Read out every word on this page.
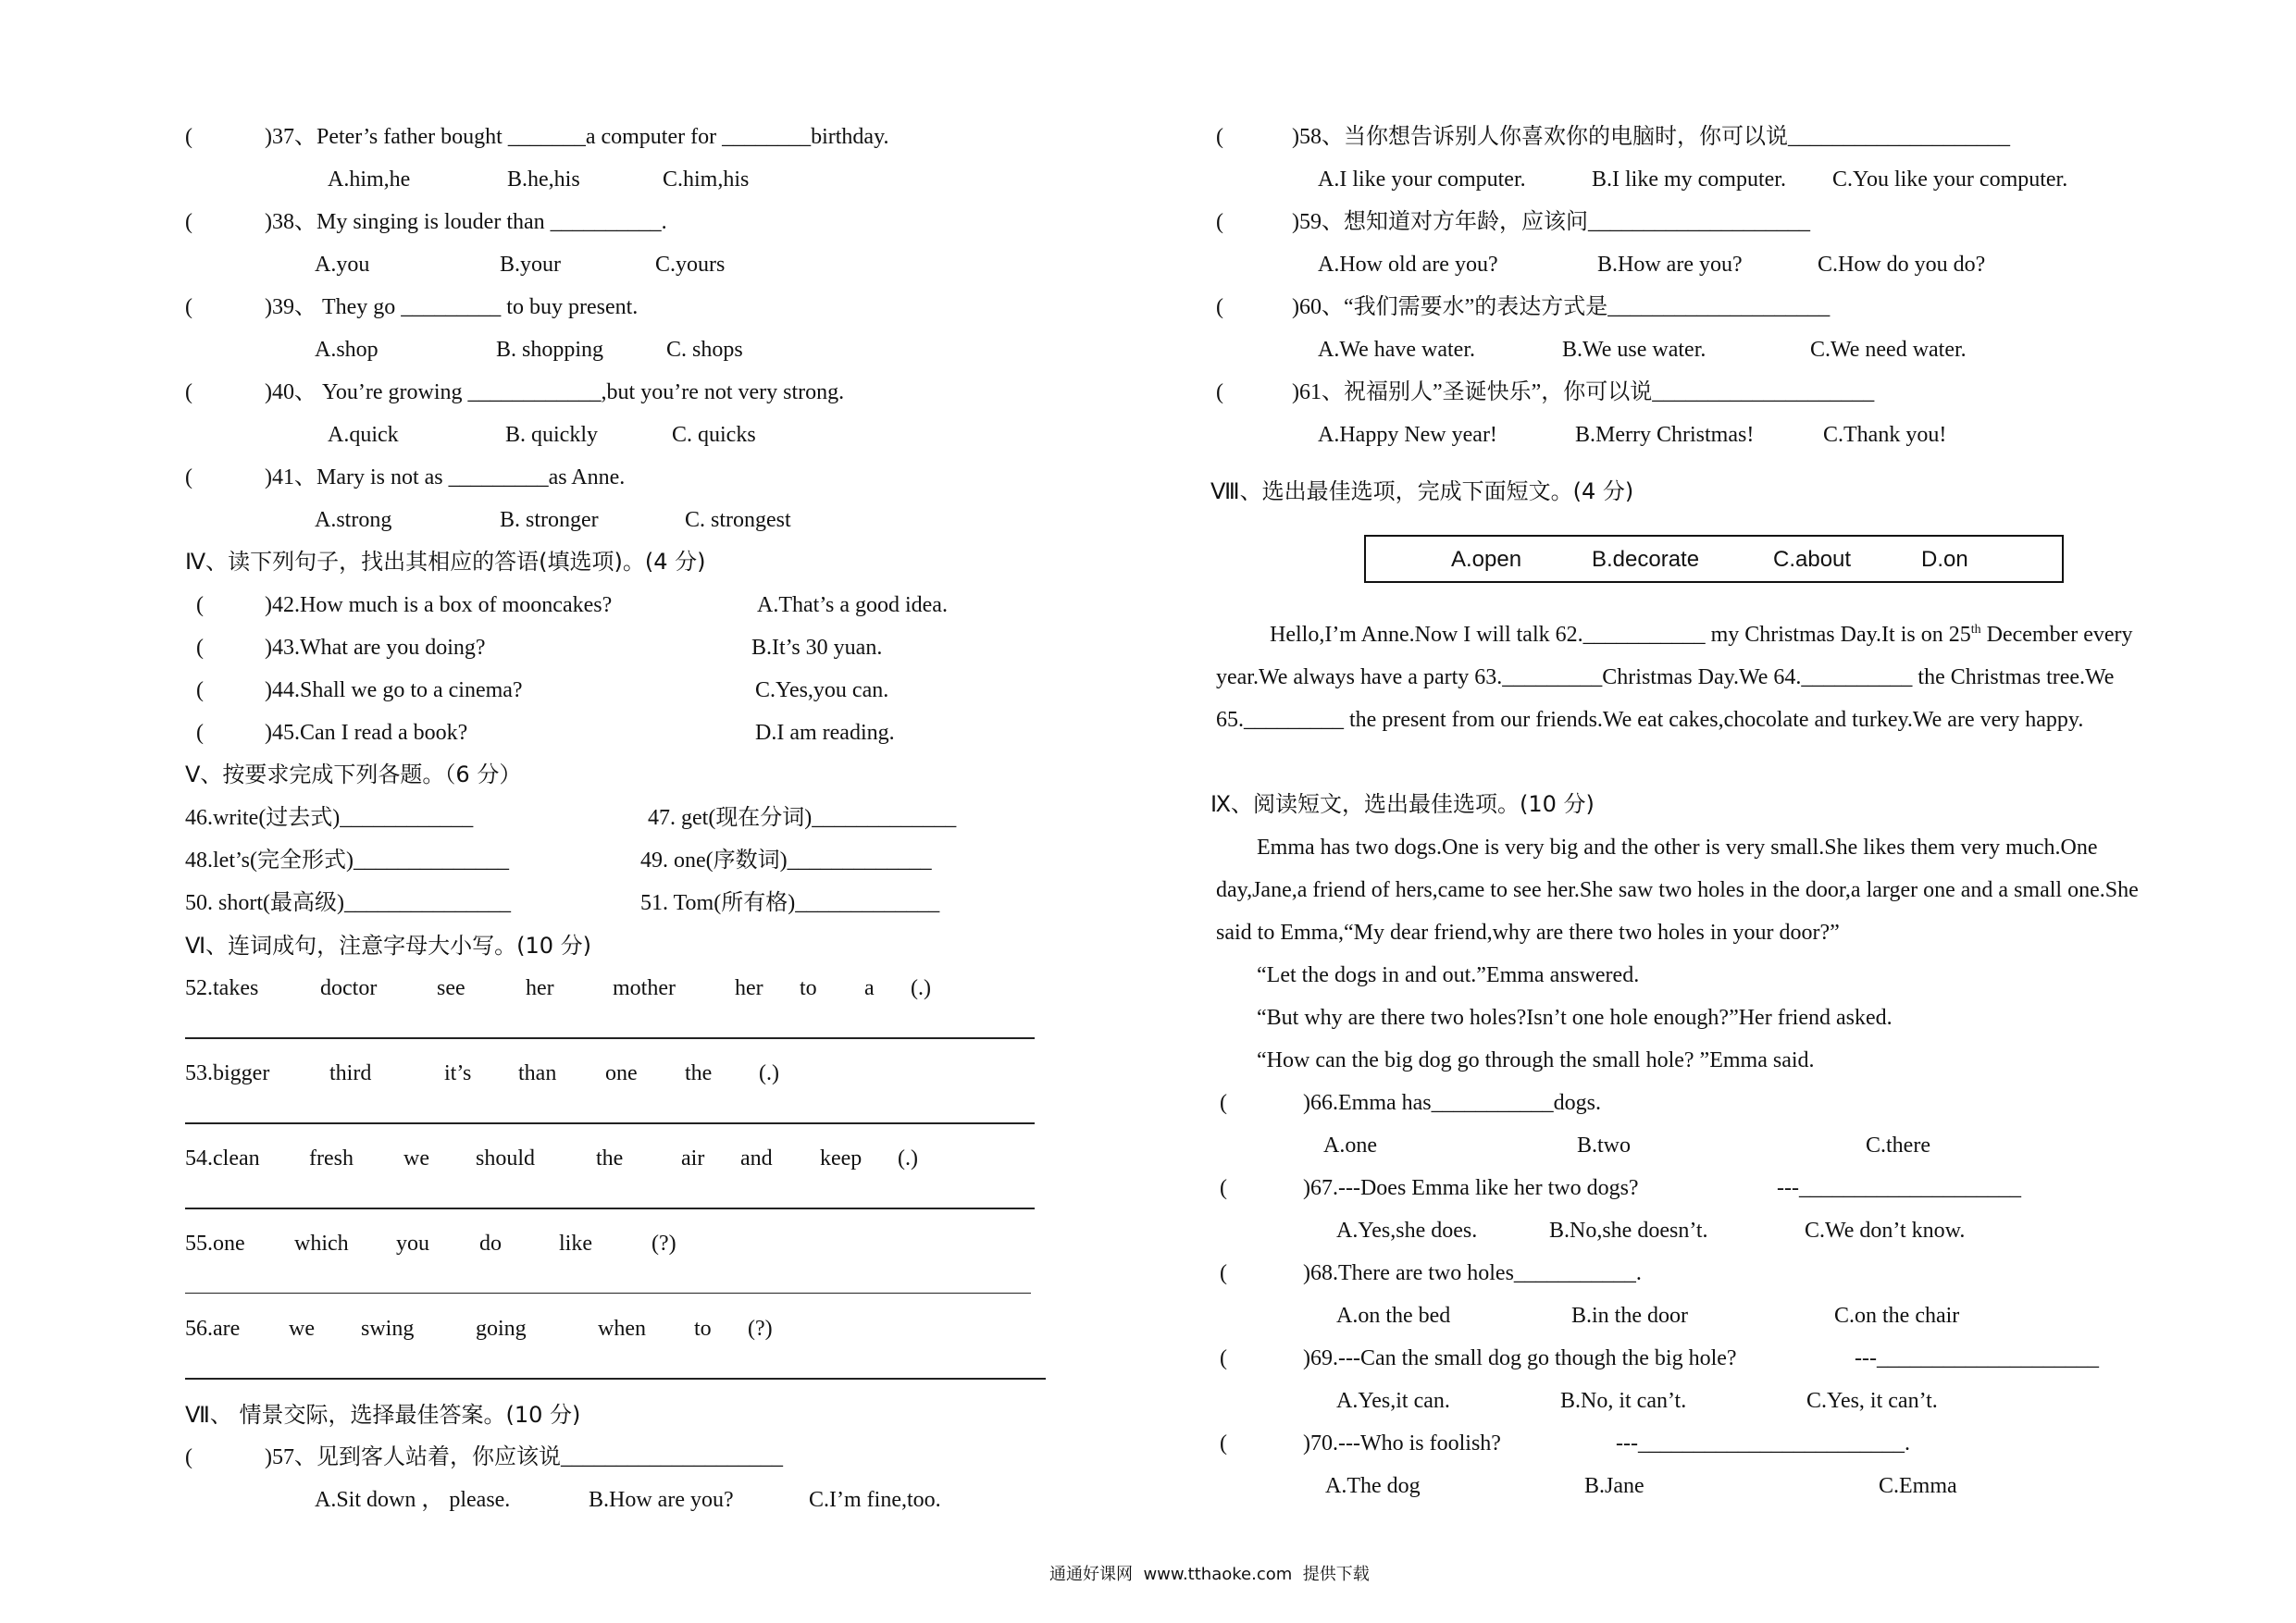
(	)37、Peter’s father bought _______a computer for ________birthday.
A.him,he	B.he,his	C.him,his
(	)38、My singing is louder than __________.
A.you	B.your	C.yours
(	)39、 They go _________ to buy present.
A.shop	B. shopping	C. shops
(	)40、 You’re growing ____________,but you’re not very strong.
A.quick	B. quickly	C. quicks
(	)41、Mary is not as _________as Anne.
A.strong	B. stronger	C. strongest
Ⅳ、读下列句子，找出其相应的答语(填选项)。(4 分)
(	)42.How much is a box of mooncakes?	A.That’s a good idea.
(	)43.What are you doing?	B.It’s 30 yuan.
(	)44.Shall we go to a cinema?	C.Yes,you can.
(	)45.Can I read a book?	D.I am reading.
Ⅴ、按要求完成下列各题。（6 分）
46.write(过去式)____________	47. get(现在分词)_____________
48.let’s(完全形式)______________	49. one(序数词)_____________
50. short(最高级)_______________	51. Tom(所有格)_____________
Ⅵ、连词成句，注意字母大小写。(10 分)
52.takes	doctor	see	her	mother	her to a (.)
53.bigger	third	it’s than one the (.)
54.clean fresh we should	the	air and keep (.)
55.one which you do	like	(?)
56.are we swing	going	when to (?)
Ⅶ、 情景交际，选择最佳答案。(10 分)
(	)57、见到客人站着，你应该说____________________
A.Sit down ， please.	B.How are you?	C.I’m fine,too.
(	)58、当你想告诉别人你喜欢你的电脑时，你可以说____________________
A.I like your computer.	B.I like my computer. C.You like your computer.
(	)59、想知道对方年龄，应该问____________________
A.How old are you?	B.How are you?	C.How do you do?
(	)60、“我们需要水”的表达方式是____________________
A.We have water.	B.We use water.	C.We need water.
(	)61、祝福别人”圣诞快乐”，你可以说____________________
A.Happy New year!	B.Merry Christmas!	C.Thank you!
Ⅷ、选出最佳选项，完成下面短文。(4 分)
A.open	B.decorate	C.about	D.on
Hello,I’m Anne.Now I will talk 62.___________ my Christmas Day.It is on 25th December every
year.We always have a party 63._________Christmas Day.We 64.__________ the Christmas tree.We
65._________ the present from our friends.We eat cakes,chocolate and turkey.We are very happy.
Ⅸ、阅读短文，选出最佳选项。(10 分)
Emma has two dogs.One is very big and the other is very small.She likes them very much.One
day,Jane,a friend of hers,came to see her.She saw two holes in the door,a larger one and a small one.She
said to Emma,“My dear friend,why are there two holes in your door?”
“Let the dogs in and out.”Emma answered.
“But why are there two holes?Isn’t one hole enough?”Her friend asked.
“How can the big dog go through the small hole? ”Emma said.
(	)66.Emma has___________dogs.
A.one	B.two	C.there
(	)67.---Does Emma like her two dogs?	---____________________
A.Yes,she does.	B.No,she doesn’t.	C.We don’t know.
(	)68.There are two holes___________.
A.on the bed	B.in the door	C.on the chair
(	)69.---Can the small dog go though the big hole?	---____________________
A.Yes,it can.	B.No, it can’t.	C.Yes, it can’t.
(	)70.---Who is foolish?	---________________________.
A.The dog	B.Jane	C.Emma
通通好课网  www.tthaoke.com  提供下载
